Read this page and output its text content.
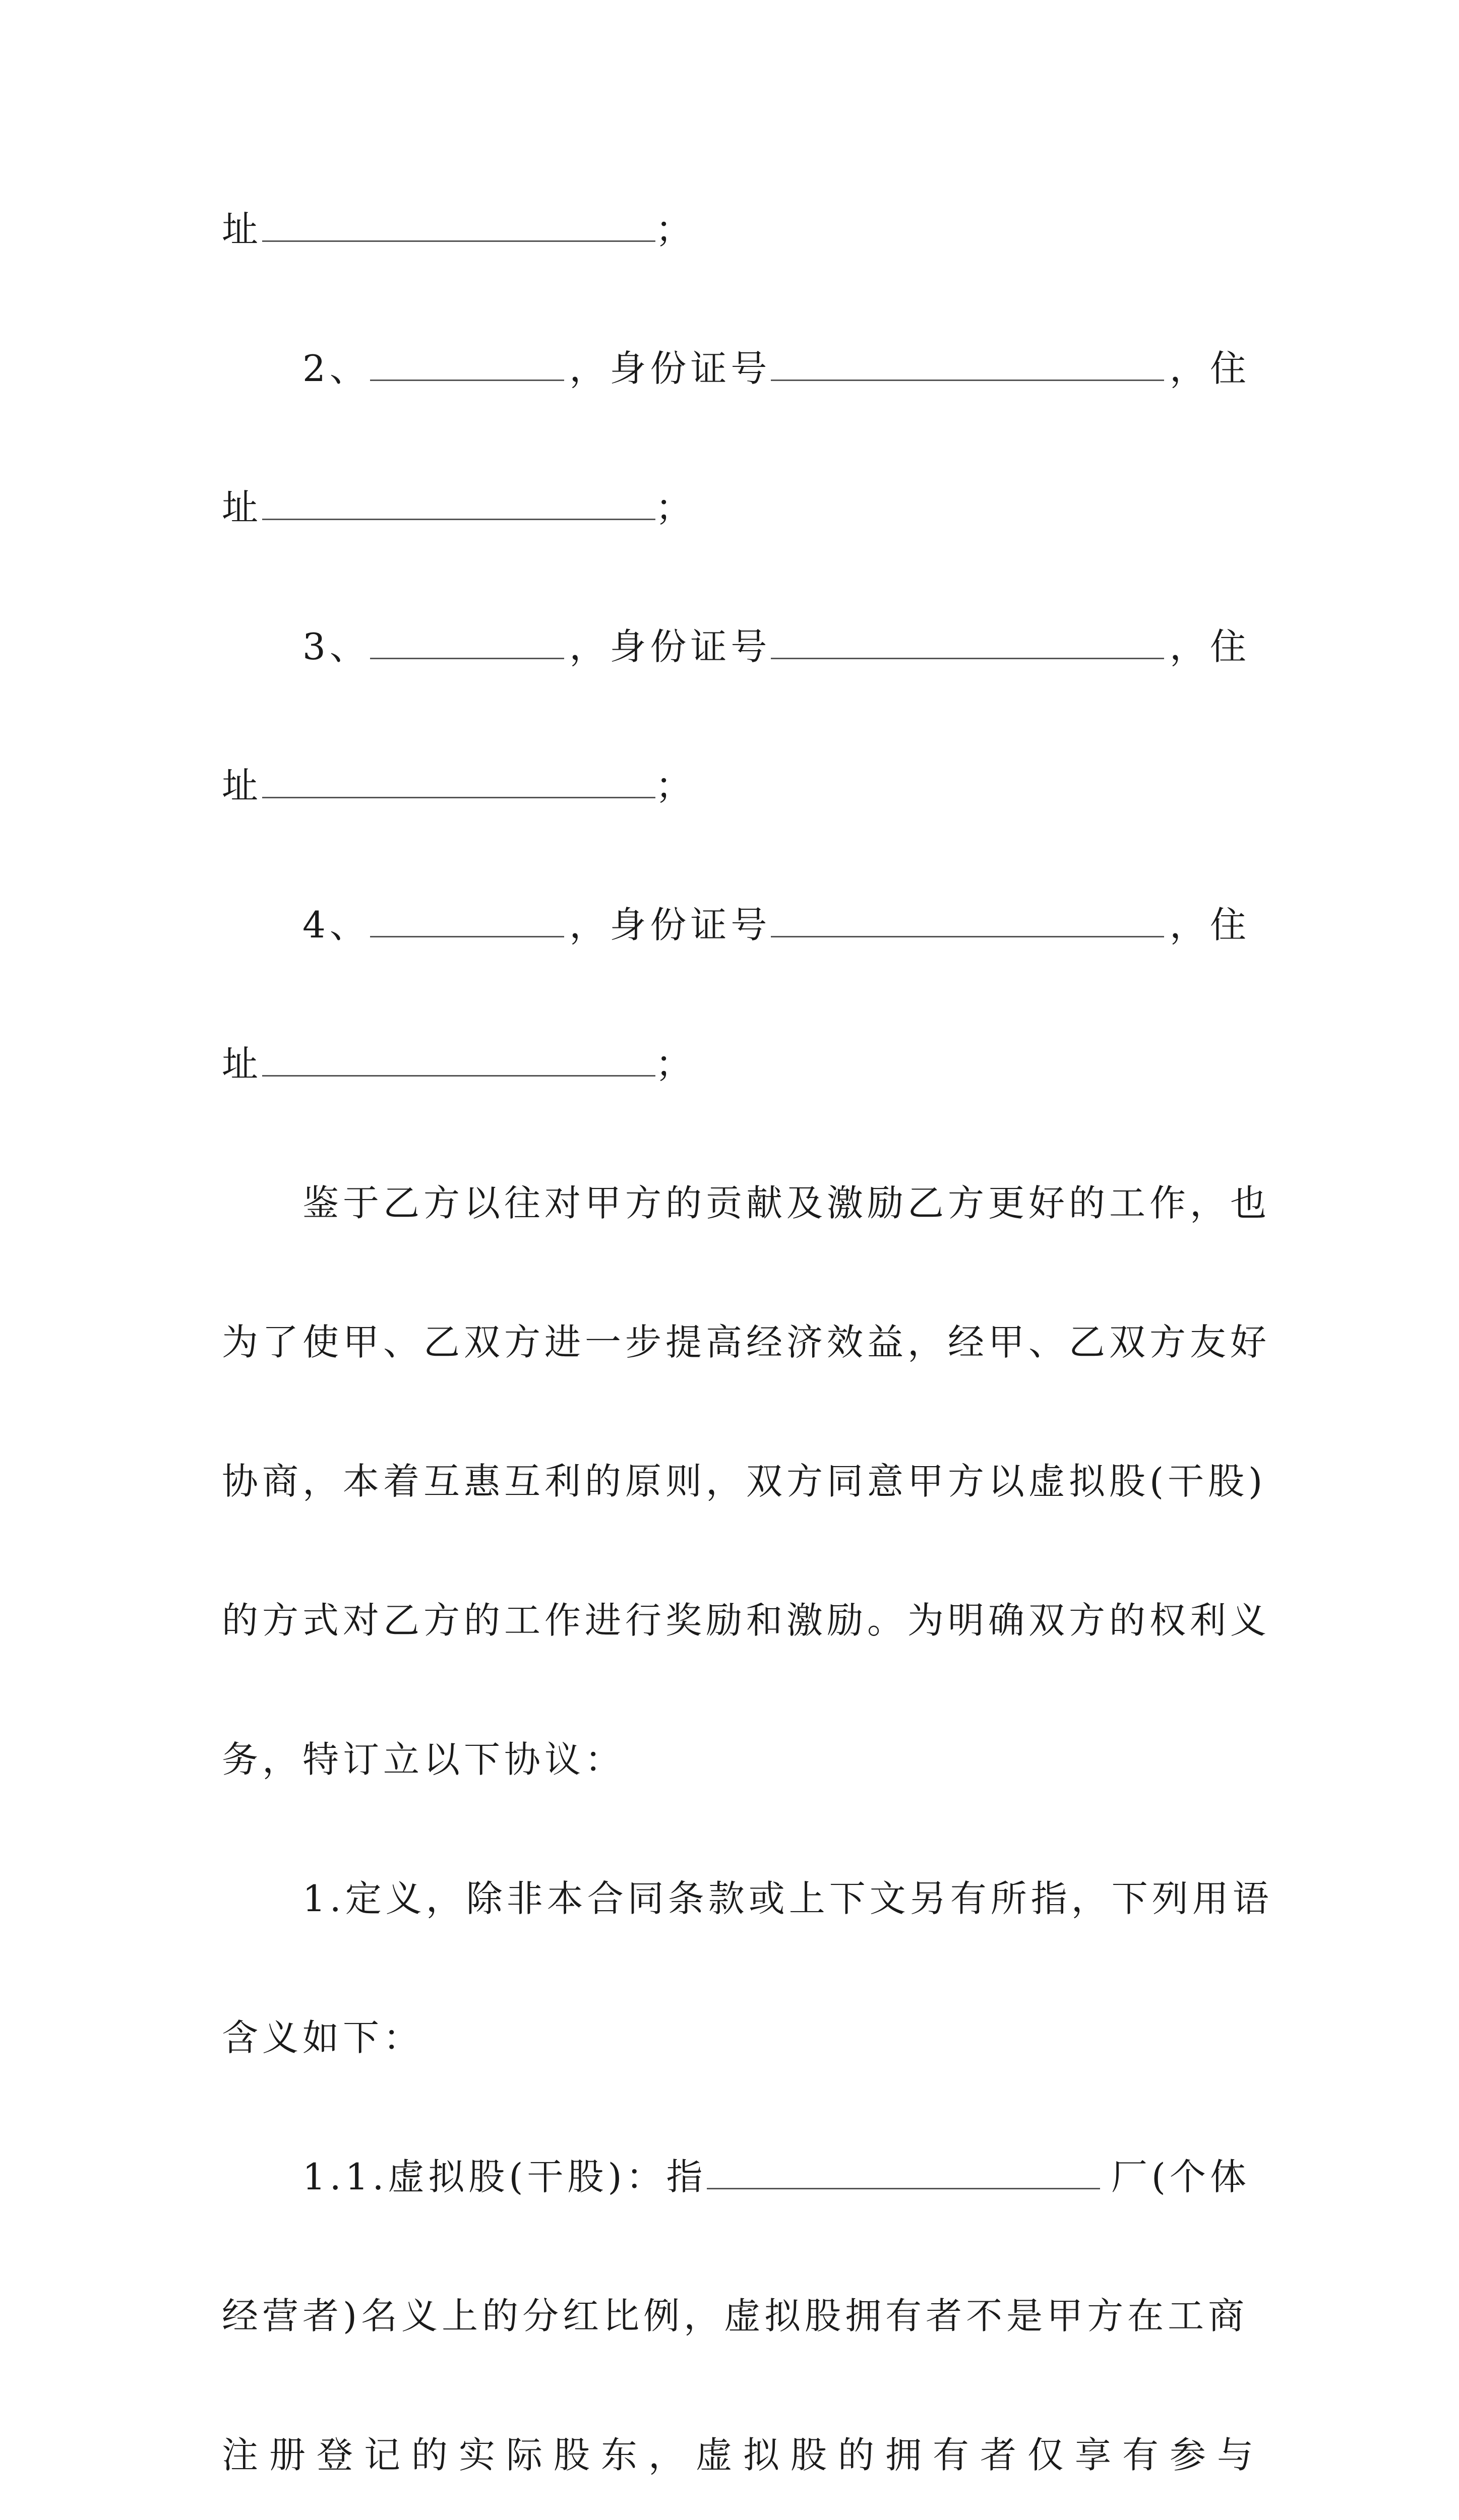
址	；
2、	，身份证号	，住
址	；
3、	，身份证号	，住
址	；
4、	，身份证号	，住
址	；
鉴于乙方以往对甲方的贡献及激励乙方更好的工作，也
为了使甲、乙双方进一步提高经济效益，经甲、乙双方友好
协商，本着互惠互利的原则，双方同意甲方以虚拟股(干股)
的方式对乙方的工作进行奖励和激励。为明确双方的权利义
务，特订立以下协议：
1.定义，除非本合同条款或上下文另有所指，下列用语
含义如下：
1.1.虚拟股(干股)：指	厂(个体
经营者)名义上的分红比例，虚拟股拥有者不是甲方在工商
注册登记的实际股东，虚拟股的拥有者仅享有参与
